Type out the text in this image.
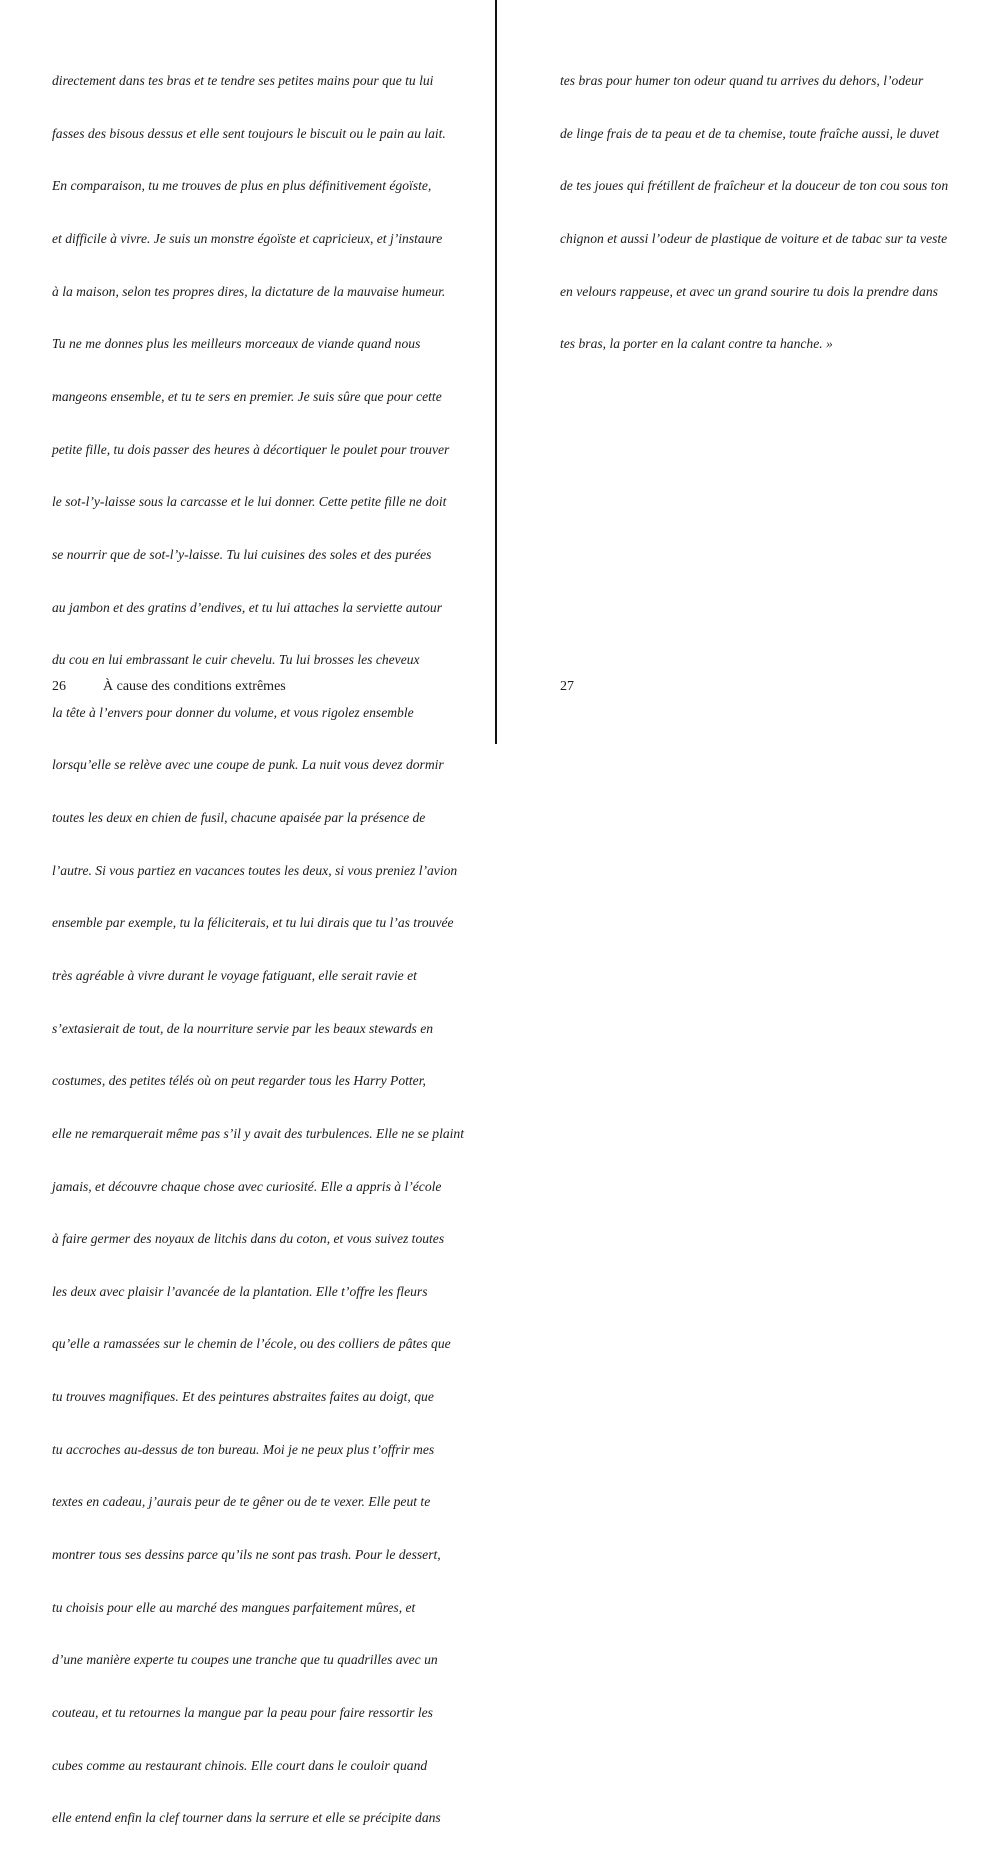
directement dans tes bras et te tendre ses petites mains pour que tu lui

fasses des bisous dessus et elle sent toujours le biscuit ou le pain au lait.

En comparaison, tu me trouves de plus en plus définitivement égoïste,

et difficile à vivre. Je suis un monstre égoïste et capricieux, et j’instaure

à la maison, selon tes propres dires, la dictature de la mauvaise humeur.

Tu ne me donnes plus les meilleurs morceaux de viande quand nous

mangeons ensemble, et tu te sers en premier. Je suis sûre que pour cette

petite fille, tu dois passer des heures à décortiquer le poulet pour trouver

le sot-l’y-laisse sous la carcasse et le lui donner. Cette petite fille ne doit

se nourrir que de sot-l’y-laisse. Tu lui cuisines des soles et des purées

au jambon et des gratins d’endives, et tu lui attaches la serviette autour

du cou en lui embrassant le cuir chevelu. Tu lui brosses les cheveux

la tête à l’envers pour donner du volume, et vous rigolez ensemble

lorsqu’elle se relève avec une coupe de punk. La nuit vous devez dormir

toutes les deux en chien de fusil, chacune apaisée par la présence de

l’autre. Si vous partiez en vacances toutes les deux, si vous preniez l’avion

ensemble par exemple, tu la féliciterais, et tu lui dirais que tu l’as trouvée

très agréable à vivre durant le voyage fatiguant, elle serait ravie et

s’extasierait de tout, de la nourriture servie par les beaux stewards en

costumes, des petites télés où on peut regarder tous les Harry Potter,

elle ne remarquerait même pas s’il y avait des turbulences. Elle ne se plaint

jamais, et découvre chaque chose avec curiosité. Elle a appris à l’école

à faire germer des noyaux de litchis dans du coton, et vous suivez toutes

les deux avec plaisir l’avancée de la plantation. Elle t’offre les fleurs

qu’elle a ramassées sur le chemin de l’école, ou des colliers de pâtes que

tu trouves magnifiques. Et des peintures abstraites faites au doigt, que

tu accroches au-dessus de ton bureau. Moi je ne peux plus t’offrir mes

textes en cadeau, j’aurais peur de te gêner ou de te vexer. Elle peut te

montrer tous ses dessins parce qu’ils ne sont pas trash. Pour le dessert,

tu choisis pour elle au marché des mangues parfaitement mûres, et

d’une manière experte tu coupes une tranche que tu quadrilles avec un

couteau, et tu retournes la mangue par la peau pour faire ressortir les

cubes comme au restaurant chinois. Elle court dans le couloir quand

elle entend enfin la clef tourner dans la serrure et elle se précipite dans

26	À cause des conditions extrêmes

tes bras pour humer ton odeur quand tu arrives du dehors, l’odeur

de linge frais de ta peau et de ta chemise, toute fraîche aussi, le duvet

de tes joues qui frétillent de fraîcheur et la douceur de ton cou sous ton

chignon et aussi l’odeur de plastique de voiture et de tabac sur ta veste

en velours rappeuse, et avec un grand sourire tu dois la prendre dans

tes bras, la porter en la calant contre ta hanche. »

27
